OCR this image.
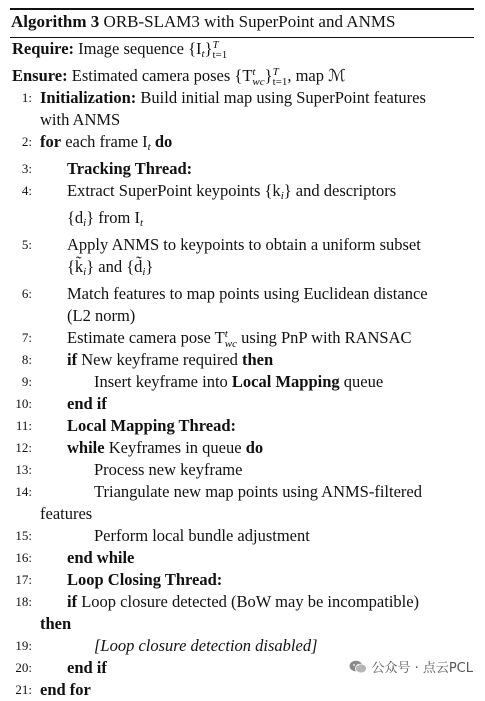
Algorithm 3 ORB-SLAM3 with SuperPoint and ANMS
Require: Image sequence $\{I_t\}$ T
t=1
Ensure: Estimated camera poses {T t
wc } T
t=1 , map ℳ
1: Initialization: Build initial map using SuperPoint features
with ANMS
2: for each frame $I_t$ do
3:	Tracking Thread:
4:	Extract SuperPoint keypoints $\{k_i\}$ and descriptors
$\{d_i\}$ from $I_t$
5:	Apply ANMS to keypoints to obtain a uniform subset
$\{k̃_i\}$ and $\{d̃_i\}$
6:	Match features to map points using Euclidean distance
(L2 norm)
7:	Estimate camera pose T t
wc using PnP with RANSAC
8:	if New keyframe required then
9:	Insert keyframe into Local Mapping queue
10:	end if
11:	Local Mapping Thread:
12:	while Keyframes in queue do
13:	Process new keyframe
14:	Triangulate new map points using ANMS-filtered
features
15:	Perform local bundle adjustment
16:	end while
17:	Loop Closing Thread:
18:	if Loop closure detected (BoW may be incompatible)
then
19:	[Loop closure detection disabled]
20:	end if
21: end for
公众号 · 点云PCL
